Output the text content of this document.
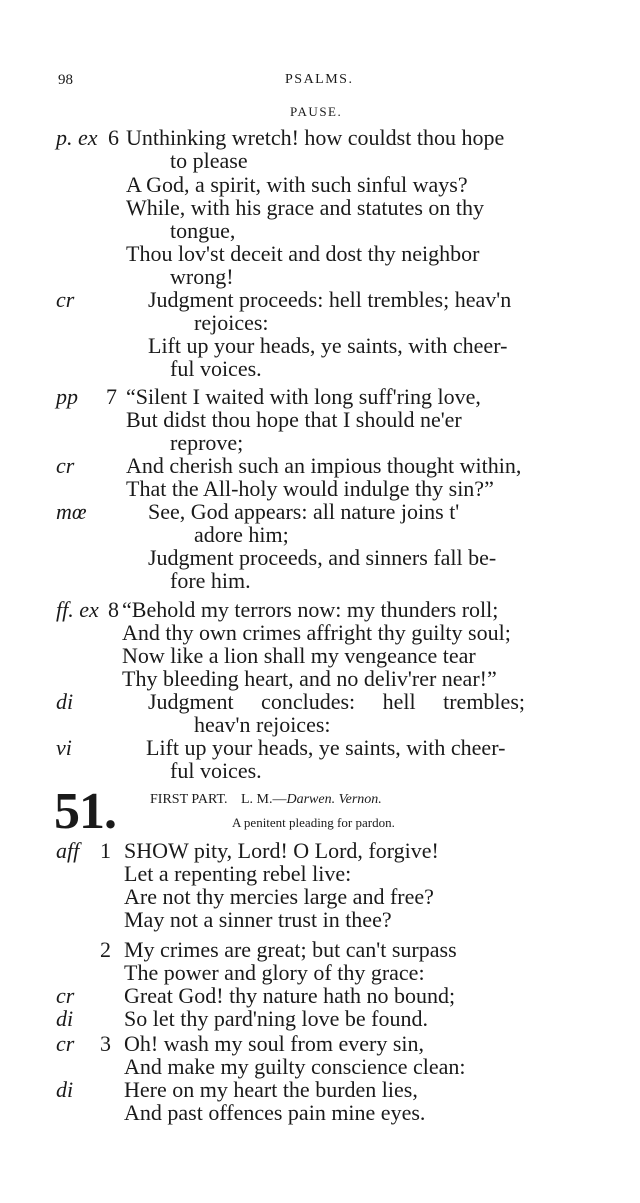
98	PSALMS.
PAUSE.
p. ex 6 Unthinking wretch! how couldst thou hope
to please
A God, a spirit, with such sinful ways?
While, with his grace and statutes on thy
tongue,
Thou lov'st deceit and dost thy neighbor
wrong!
cr	Judgment proceeds: hell trembles; heav'n
rejoices:
Lift up your heads, ye saints, with cheer-
ful voices.
pp 7 “Silent I waited with long suff'ring love,
But didst thou hope that I should ne'er
reprove;
cr And cherish such an impious thought within,
That the All-holy would indulge thy sin?”
mœ	See, God appears: all nature joins t'
adore him;
Judgment proceeds, and sinners fall be-
fore him.
ff. ex 8 “Behold my terrors now: my thunders roll;
And thy own crimes affright thy guilty soul;
Now like a lion shall my vengeance tear
Thy bleeding heart, and no deliv'rer near!”
di	Judgment concludes: hell trembles;
heav'n rejoices:
vi	Lift up your heads, ye saints, with cheer-
ful voices.
51. FIRST PART. L. M.—Darwen. Vernon.
A penitent pleading for pardon.
aff 1 SHOW pity, Lord! O Lord, forgive!
Let a repenting rebel live:
Are not thy mercies large and free?
May not a sinner trust in thee?
2 My crimes are great; but can't surpass
The power and glory of thy grace:
cr Great God! thy nature hath no bound;
di So let thy pard'ning love be found.
cr 3 Oh! wash my soul from every sin,
And make my guilty conscience clean:
di Here on my heart the burden lies,
And past offences pain mine eyes.
